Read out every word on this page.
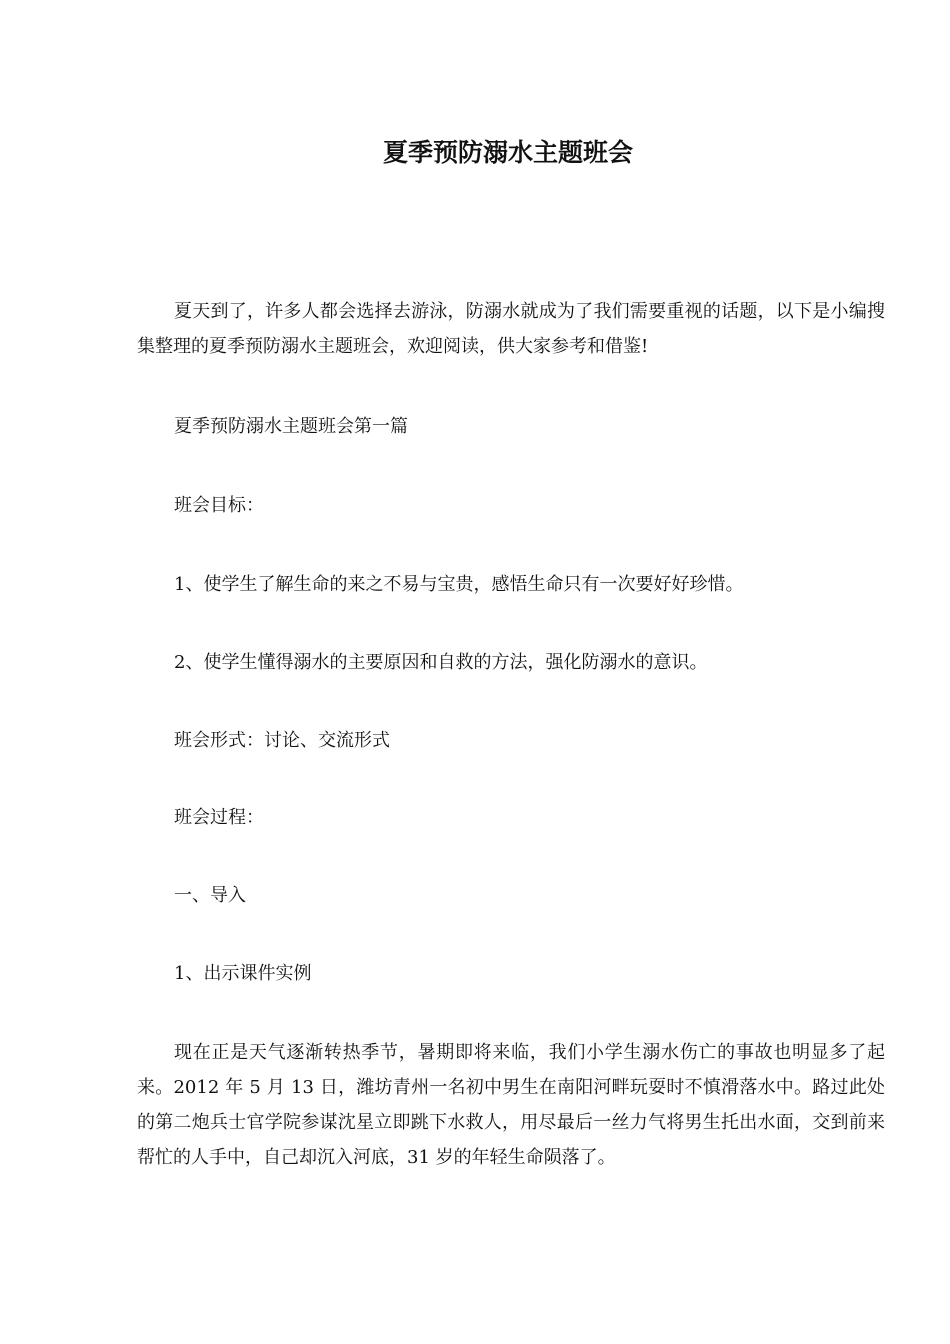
夏季预防溺水主题班会

夏天到了，许多人都会选择去游泳，防溺水就成为了我们需要重视的话题，以下是小编搜集整理的夏季预防溺水主题班会，欢迎阅读，供大家参考和借鉴!

夏季预防溺水主题班会第一篇

班会目标：

1、使学生了解生命的来之不易与宝贵，感悟生命只有一次要好好珍惜。

2、使学生懂得溺水的主要原因和自救的方法，强化防溺水的意识。

班会形式：讨论、交流形式

班会过程：

一、导入

1、出示课件实例

现在正是天气逐渐转热季节，暑期即将来临，我们小学生溺水伤亡的事故也明显多了起来。2012 年 5 月 13 日，潍坊青州一名初中男生在南阳河畔玩耍时不慎滑落水中。路过此处的第二炮兵士官学院参谋沈星立即跳下水救人，用尽最后一丝力气将男生托出水面，交到前来帮忙的人手中，自己却沉入河底，31 岁的年轻生命陨落了。
